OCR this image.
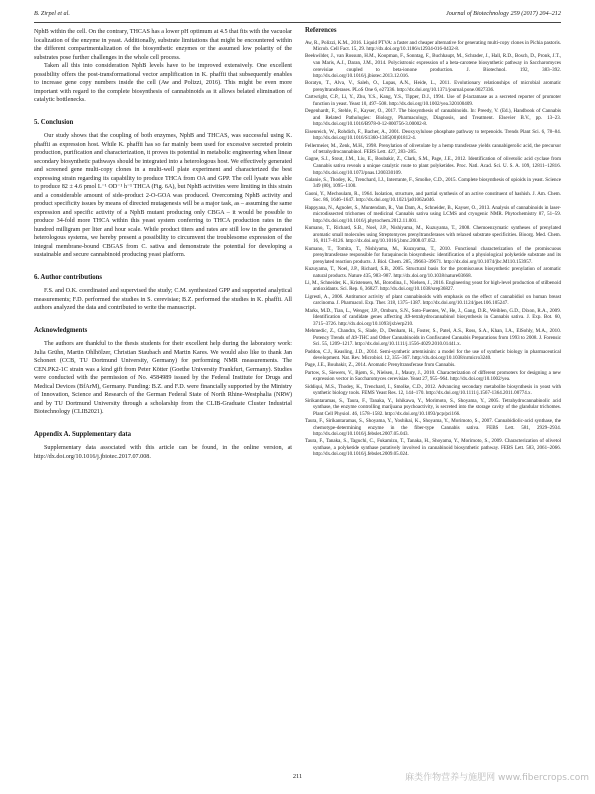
B. Zirpel et al.	Journal of Biotechnology 259 (2017) 204–212

NphB within the cell. On the contrary, THCAS has a lower pH optimum at 4.5 that fits with the vacuolar localization of the enzyme in yeast. Additionally, substrate limitations that might be encountered within the different compartmentalization of the biosynthetic enzymes or the assumed low polarity of the substrates pose further challenges in the whole cell process.

Taken all this into consideration NphB levels have to be improved extensively. One excellent possibility offers the post-transformational vector amplification in K. phaffii that subsequently enables to increase gene copy numbers inside the cell (Aw and Polizzi, 2016). This might be even more important with regard to the complete biosynthesis of cannabinoids as it allows belated elimination of catalytic bottlenecks.

5. Conclusion

Our study shows that the coupling of both enzymes, NphB and THCAS, was successful using K. phaffii as expression host. While K. phaffii has so far mainly been used for excessive secreted protein production, purification and characterization, it proves its potential in metabolic engineering when linear secondary biosynthetic pathways should be integrated into a heterologous host. We effectively generated and screened gene multi-copy clones in a multi-well plate experiment and characterized the best expressing strain regarding its capability to produce THCA from OA and GPP. The cell lysate was able to produce 82 ± 4.6 pmol L⁻¹ OD⁻¹ h⁻¹ THCA (Fig. 6A), but NphB activities were limiting in this strain and a considerable amount of side-product 2-O-GOA was produced. Overcoming NphB activity and product specificity issues by means of directed mutagenesis will be a major task, as – assuming the same expression and specific activity of a NphB mutant producing only CBGA – it would be possible to produce 34-fold more THCA within this yeast system conferring to THCA production rates in the hundred milligram per liter and hour scale. While product titers and rates are still low in the generated heterologous systems, we hereby present a possibility to circumvent the troublesome expression of the integral membrane-bound CBGAS from C. sativa and demonstrate the potential for developing a sustainable and secure cannabinoid producing yeast platform.

6. Author contributions

F.S. and O.K. coordinated and supervised the study; C.M. synthesized GPP and supported analytical measurements; F.D. performed the studies in S. cerevisiae; B.Z. performed the studies in K. phaffii. All authors analyzed the data and contributed to write the manuscript.

Acknowledgments

The authors are thankful to the thesis students for their excellent help during the laboratory work: Julia Grühn, Martin Ohlhölzer, Christian Staubach and Martin Kares. We would also like to thank Jan Schonert (CCB, TU Dortmund University, Germany) for performing NMR measurements. The CEN.PK2-1C strain was a kind gift from Peter Kötter (Goethe University Frankfurt, Germany). Studies were conducted with the permission of No. 4584989 issued by the Federal Institute for Drugs and Medical Devices (BfArM), Germany. Funding: B.Z. and F.D. were financially supported by the Ministry of Innovation, Science and Research of the German Federal State of North Rhine-Westphalia (NRW) and by TU Dortmund University through a scholarship from the CLIB-Graduate Cluster Industrial Biotechnology (CLIB2021).

Appendix A. Supplementary data

Supplementary data associated with this article can be found, in the online version, at http://dx.doi.org/10.1016/j.jbiotec.2017.07.008.

References

Aw, R., Polizzi, K.M., 2016. Liquid PTVA: a faster and cheaper alternative for generating multi-copy clones in Pichia pastoris. Microb. Cell Fact. 15, 29. http://dx.doi.org/10.1186/s12934-016-0432-8.

Beekwilder, J., van Rossum, H.M., Koopman, F., Sonntag, F., Buchhaupt, M., Schrader, J., Hall, R.D., Bosch, D., Pronk, J.T., van Maris, A.J., Daran, J.M., 2014. Polycistronic expression of a beta-carotene biosynthetic pathway in Saccharomyces cerevisiae coupled to beta-ionone production. J. Biotechnol. 192, 383–392. http://dx.doi.org/10.1016/j.jbiotec.2013.12.016.

Boratyn, T., Alva, V., Saleh, O., Lupas, A.N., Heide, L., 2011. Evolutionary relationships of microbial aromatic prenyltransferases. PLoS One 6, e27336. http://dx.doi.org/10.1371/journal.pone.0027336.

Cartwright, C.P., Li, Y., Zhu, Y.S., Kang, Y.S., Tipper, D.J., 1994. Use of β-lactamase as a secreted reporter of promoter function in yeast. Yeast 10, 497–508. http://dx.doi.org/10.1002/yea.320100409.

Degenhardt, F., Stehle, F., Kayser, O., 2017. The biosynthesis of cannabinoids. In: Preedy, V. (Ed.), Handbook of Cannabis and Related Pathologies: Biology, Pharmacology, Diagnosis, and Treatment. Elsevier B.V., pp. 13–23. http://dx.doi.org/10.1016/B978-0-12-800756-3.00002-8.

Eisenreich, W., Rohdich, F., Bacher, A., 2001. Deoxyxylulose phosphate pathway to terpenoids. Trends Plant Sci. 6, 78–84. http://dx.doi.org/10.1016/S1360-1385(00)01812-4.

Fellermeier, M., Zenk, M.H., 1998. Prenylation of olivetolate by a hemp transferase yields cannabigerolic acid, the precursor of tetrahydrocannabinol. FEBS Lett. 427, 283–285.

Gagne, S.J., Stout, J.M., Liu, E., Boubakir, Z., Clark, S.M., Page, J.E., 2012. Identification of olivetolic acid cyclase from Cannabis sativa reveals a unique catalytic route to plant polyketides. Proc. Natl. Acad. Sci. U. S. A. 109, 12811–12816. http://dx.doi.org/10.1073/pnas.1200330109.

Galanie, S., Thodey, K., Trenchard, I.J., Interrante, F., Smolke, C.D., 2015. Complete biosynthesis of opioids in yeast. Science 349 (80), 1095–1100.

Gaoni, Y., Mechoulam, R., 1964. Isolation, structure, and partial synthesis of an active constituent of hashish. J. Am. Chem. Soc. 86, 1646–1647. http://dx.doi.org/10.1021/ja01062a046.

Happyana, N., Agnolet, S., Muntendam, R., Van Dam, A., Schneider, B., Kayser, O., 2013. Analysis of cannabinoids in laser-microdissected trichomes of medicinal Cannabis sativa using LCMS and cryogenic NMR. Phytochemistry 87, 51–59. http://dx.doi.org/10.1016/j.phytochem.2012.11.001.

Kumano, T., Richard, S.B., Noel, J.P., Nishiyama, M., Kuzuyama, T., 2008. Chemoenzymatic syntheses of prenylated aromatic small molecules using Streptomyces prenyltransferases with relaxed substrate specificities. Bioorg. Med. Chem. 16, 8117–8126. http://dx.doi.org/10.1016/j.bmc.2008.07.052.

Kumano, T., Tomita, T., Nishiyama, M., Kuzuyama, T., 2010. Functional characterization of the promiscuous prenyltransferase responsible for furaquinocin biosynthesis: identification of a physiological polyketide substrate and its prenylated reaction products. J. Biol. Chem. 285, 39663–39671. http://dx.doi.org/10.1074/jbc.M110.153957.

Kuzuyama, T., Noel, J.P., Richard, S.B., 2005. Structural basis for the promiscuous biosynthetic prenylation of aromatic natural products. Nature 435, 983–987. http://dx.doi.org/10.1038/nature03668.

Li, M., Schneider, K., Kristensen, M., Borodina, I., Nielsen, J., 2016. Engineering yeast for high-level production of stilbenoid antioxidants. Sci. Rep. 6, 36827. http://dx.doi.org/10.1038/srep36827.

Ligresti, A., 2006. Antitumor activity of plant cannabinoids with emphasis on the effect of cannabidiol on human breast carcinoma. J. Pharmacol. Exp. Ther. 318, 1375–1387. http://dx.doi.org/10.1124/jpet.106.105247.

Marks, M.D., Tian, L., Wenger, J.P., Omburo, S.N., Soto-Fuentes, W., He, J., Gang, D.R., Weiblen, G.D., Dixon, R.A., 2009. Identification of candidate genes affecting Δ9-tetrahydrocannabinol biosynthesis in Cannabis sativa. J. Exp. Bot. 60, 3715–3726. http://dx.doi.org/10.1093/jxb/erp210.

Mehmedic, Z., Chandra, S., Slade, D., Denham, H., Foster, S., Patel, A.S., Ross, S.A., Khan, I.A., ElSohly, M.A., 2010. Potency Trends of Δ9-THC and Other Cannabinoids in Confiscated Cannabis Preparations from 1993 to 2008. J. Forensic Sci. 55, 1209–1217. http://dx.doi.org/10.1111/j.1556-4029.2010.01441.x.

Paddon, C.J., Keasling, J.D., 2014. Semi-synthetic artemisinin: a model for the use of synthetic biology in pharmaceutical development. Nat. Rev. Microbiol. 12, 355–367. http://dx.doi.org/10.1038/nrmicro3240.

Page, J.E., Boubakir, Z., 2014. Aromatic Prenyltransferase from Cannabis.

Partow, S., Siewers, V., Bjørn, S., Nielsen, J., Maury, J., 2010. Characterization of different promoters for designing a new expression vector in Saccharomyces cerevisiae. Yeast 27, 955–964. http://dx.doi.org/10.1002/yea.

Siddiqui, M.S., Thodey, K., Trenchard, I., Smolke, C.D., 2012. Advancing secondary metabolite biosynthesis in yeast with synthetic biology tools. FEMS Yeast Res. 12, 144–170. http://dx.doi.org/10.1111/j.1567-1364.2011.00774.x.

Sirikantaramas, S., Taura, F., Tanaka, Y., Ishikawa, Y., Morimoto, S., Shoyama, Y., 2005. Tetrahydrocannabinolic acid synthase, the enzyme controlling marijuana psychoactivity, is secreted into the storage cavity of the glandular trichomes. Plant Cell Physiol. 46, 1578–1582. http://dx.doi.org/10.1093/pcp/pci166.

Taura, F., Sirikantaramas, S., Shoyama, Y., Yoshikai, K., Shoyama, Y., Morimoto, S., 2007. Cannabidiolic-acid synthase, the chemotype-determining enzyme in the fiber-type Cannabis sativa. FEBS Lett. 581, 2929–2934. http://dx.doi.org/10.1016/j.febslet.2007.05.043.

Taura, F., Tanaka, S., Taguchi, C., Fukamizu, T., Tanaka, H., Shoyama, Y., Morimoto, S., 2009. Characterization of olivetol synthase, a polyketide synthase putatively involved in cannabinoid biosynthetic pathway. FEBS Lett. 583, 2061–2066. http://dx.doi.org/10.1016/j.febslet.2009.05.024.

211	麻类作物营养与施肥网 www.fibercrops.com
